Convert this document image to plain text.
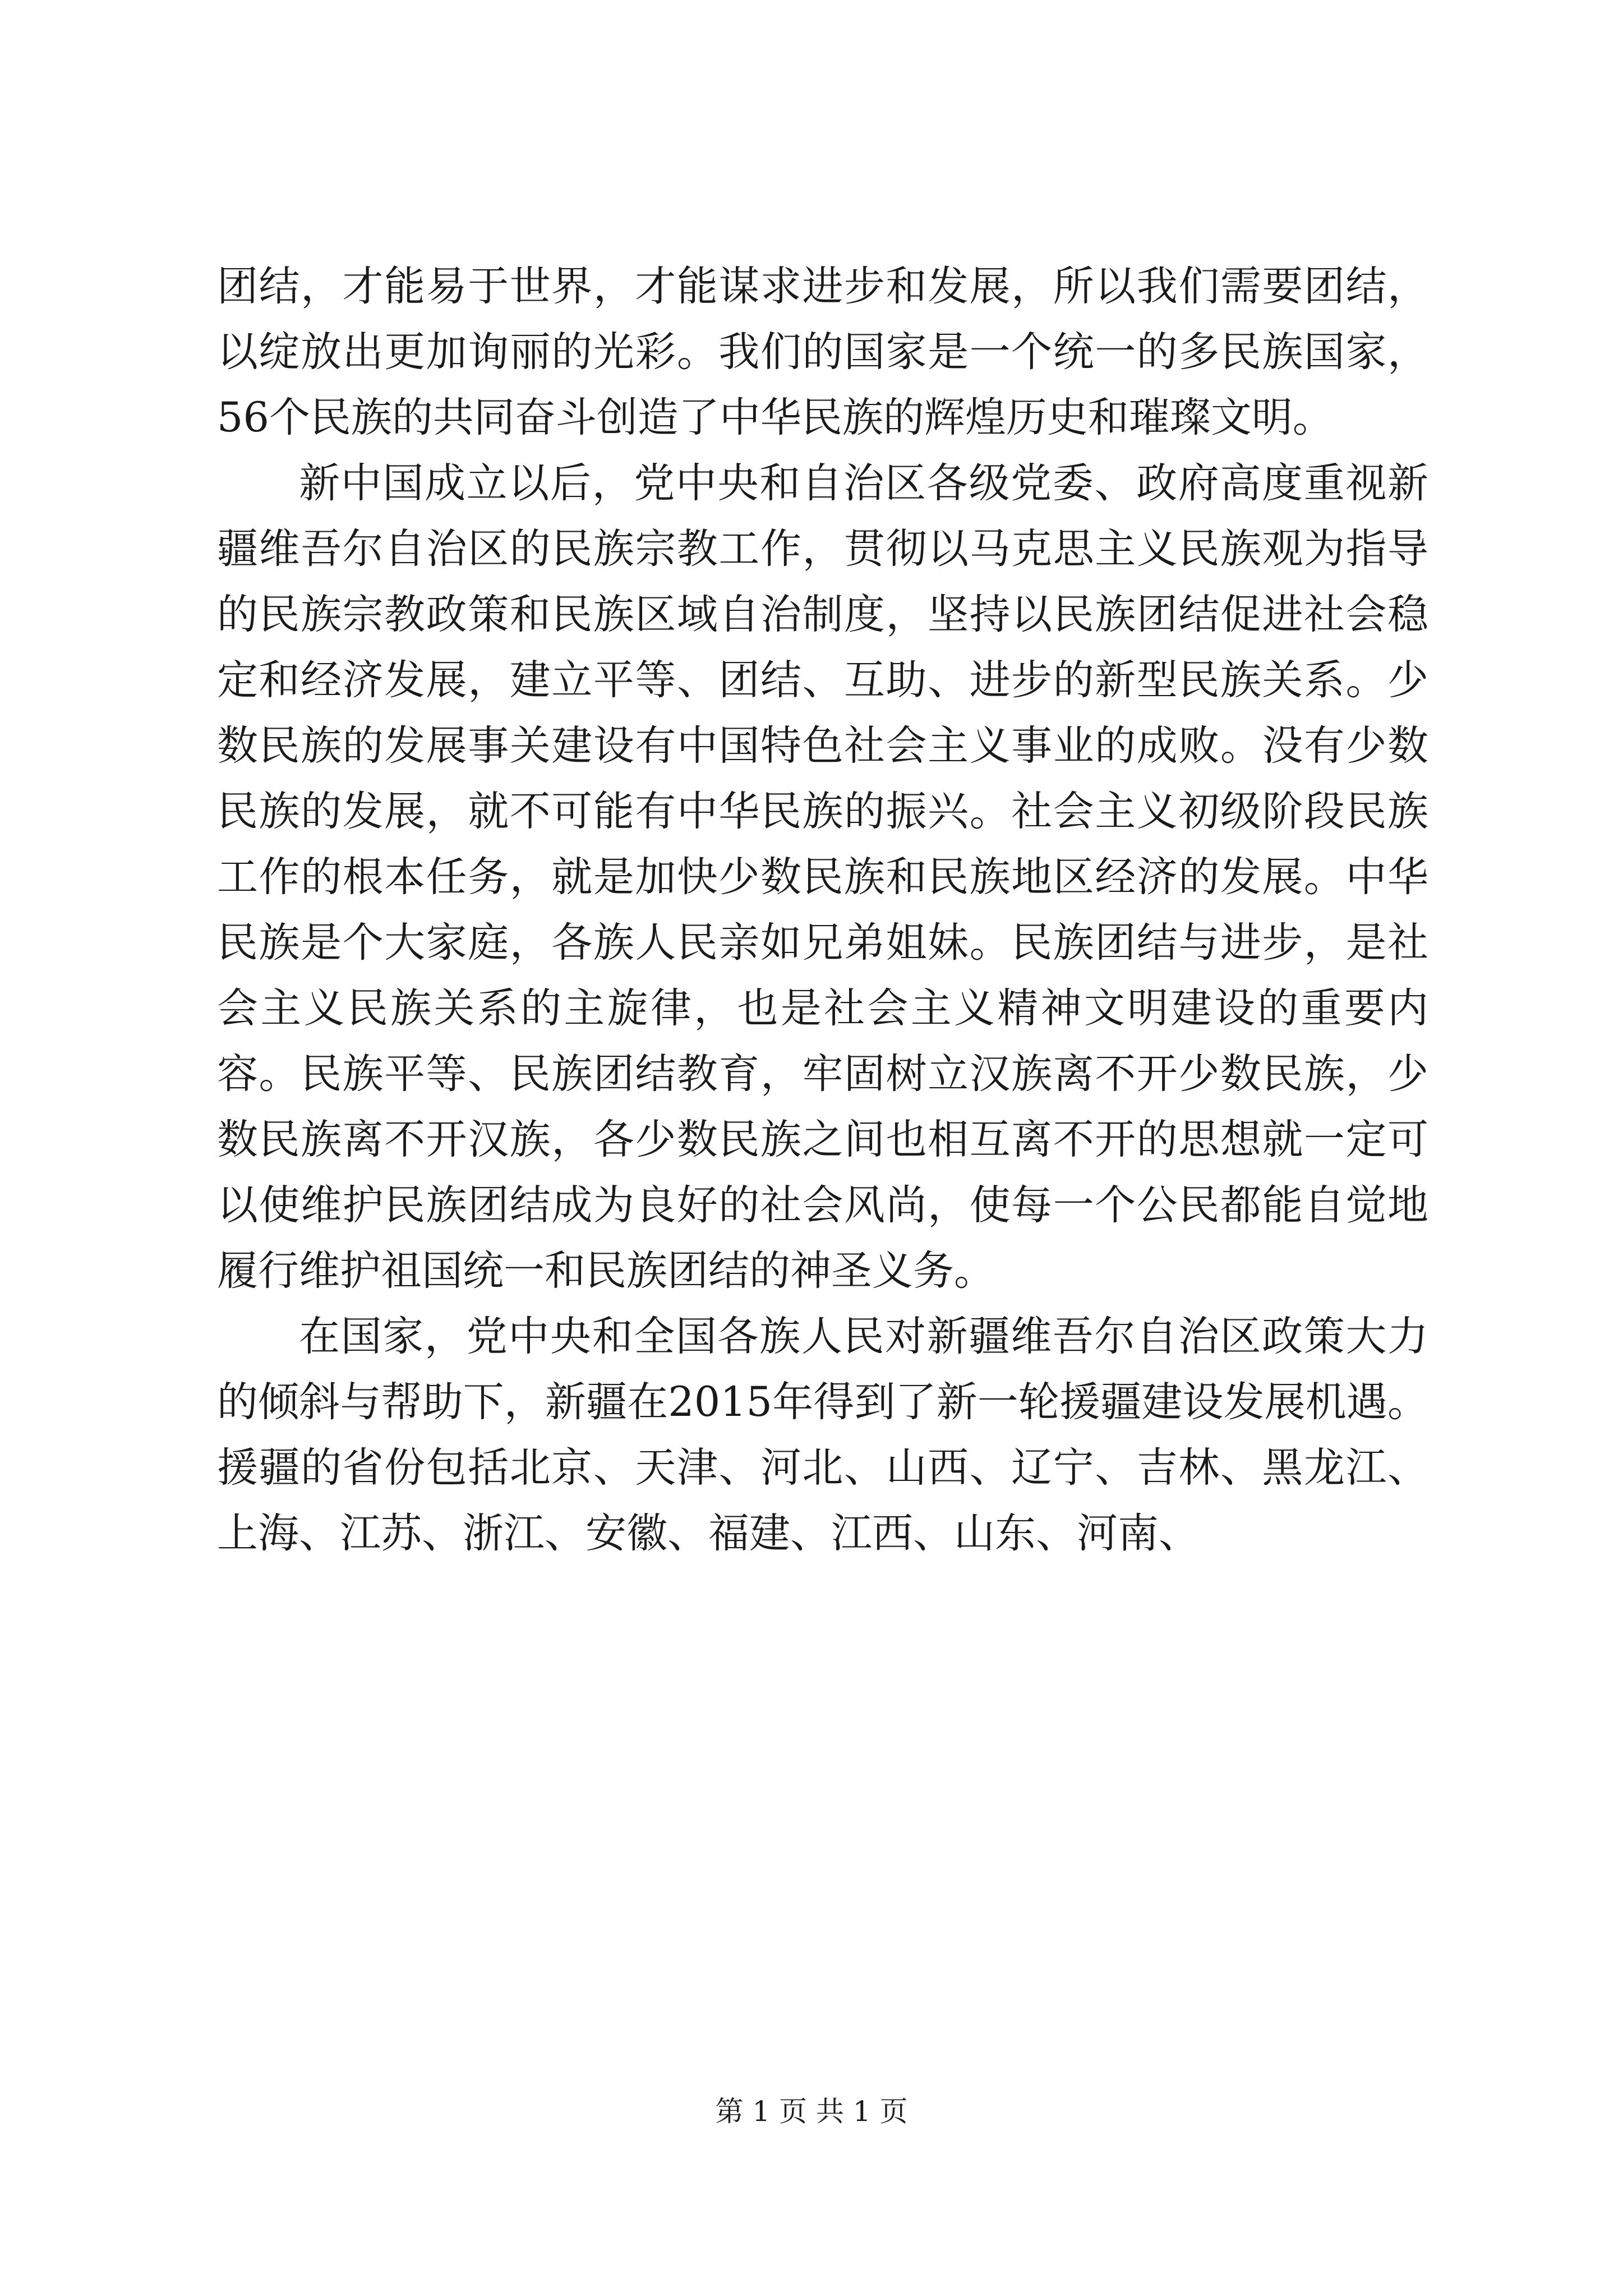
团结，才能易于世界，才能谋求进步和发展，所以我们需要团结，以绽放出更加询丽的光彩。我们的国家是一个统一的多民族国家，56个民族的共同奋斗创造了中华民族的辉煌历史和璀璨文明。

新中国成立以后，党中央和自治区各级党委、政府高度重视新疆维吾尔自治区的民族宗教工作，贯彻以马克思主义民族观为指导的民族宗教政策和民族区域自治制度，坚持以民族团结促进社会稳定和经济发展，建立平等、团结、互助、进步的新型民族关系。少数民族的发展事关建设有中国特色社会主义事业的成败。没有少数民族的发展，就不可能有中华民族的振兴。社会主义初级阶段民族工作的根本任务，就是加快少数民族和民族地区经济的发展。中华民族是个大家庭，各族人民亲如兄弟姐妹。民族团结与进步，是社会主义民族关系的主旋律，也是社会主义精神文明建设的重要内容。民族平等、民族团结教育，牢固树立汉族离不开少数民族，少数民族离不开汉族，各少数民族之间也相互离不开的思想就一定可以使维护民族团结成为良好的社会风尚，使每一个公民都能自觉地履行维护祖国统一和民族团结的神圣义务。

在国家，党中央和全国各族人民对新疆维吾尔自治区政策大力的倾斜与帮助下，新疆在2015年得到了新一轮援疆建设发展机遇。援疆的省份包括北京、天津、河北、山西、辽宁、吉林、黑龙江、上海、江苏、浙江、安徽、福建、江西、山东、河南、

第 1 页 共 1 页
